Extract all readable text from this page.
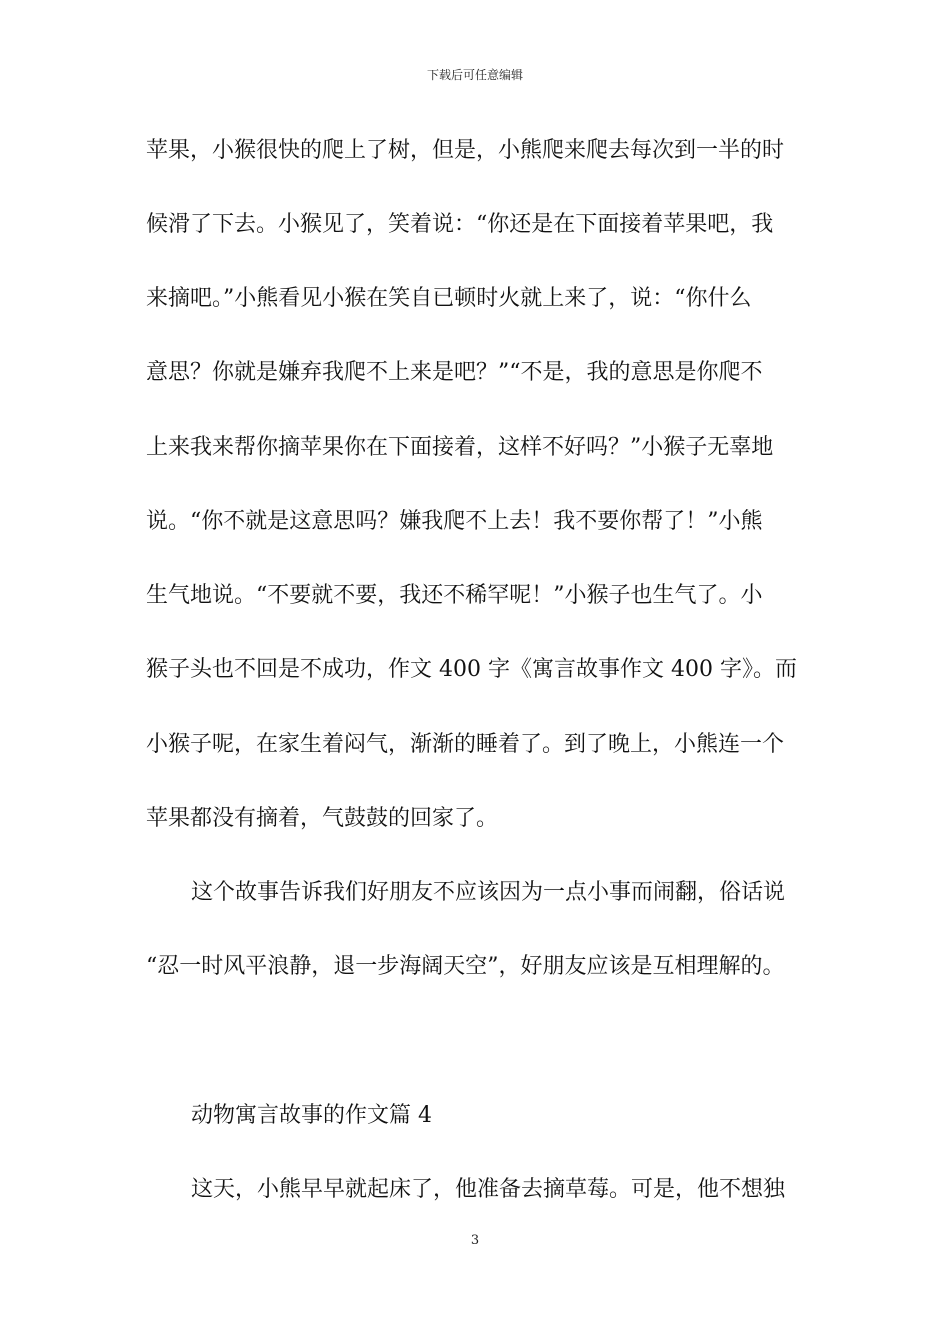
下载后可任意编辑
苹果，小猴很快的爬上了树，但是，小熊爬来爬去每次到一半的时
候滑了下去。小猴见了，笑着说：“你还是在下面接着苹果吧，我
来摘吧。”小熊看见小猴在笑自已顿时火就上来了，说：“你什么
意思？你就是嫌弃我爬不上来是吧？”“不是，我的意思是你爬不
上来我来帮你摘苹果你在下面接着，这样不好吗？”小猴子无辜地
说。“你不就是这意思吗？嫌我爬不上去！我不要你帮了！”小熊
生气地说。“不要就不要，我还不稀罕呢！”小猴子也生气了。小
猴子头也不回是不成功，作文 400 字《寓言故事作文 400 字》。而
小猴子呢，在家生着闷气，渐渐的睡着了。到了晚上，小熊连一个
苹果都没有摘着，气鼓鼓的回家了。
这个故事告诉我们好朋友不应该因为一点小事而闹翻，俗话说
“忍一时风平浪静，退一步海阔天空”，好朋友应该是互相理解的。
动物寓言故事的作文篇 4
这天，小熊早早就起床了，他准备去摘草莓。可是，他不想独
3
